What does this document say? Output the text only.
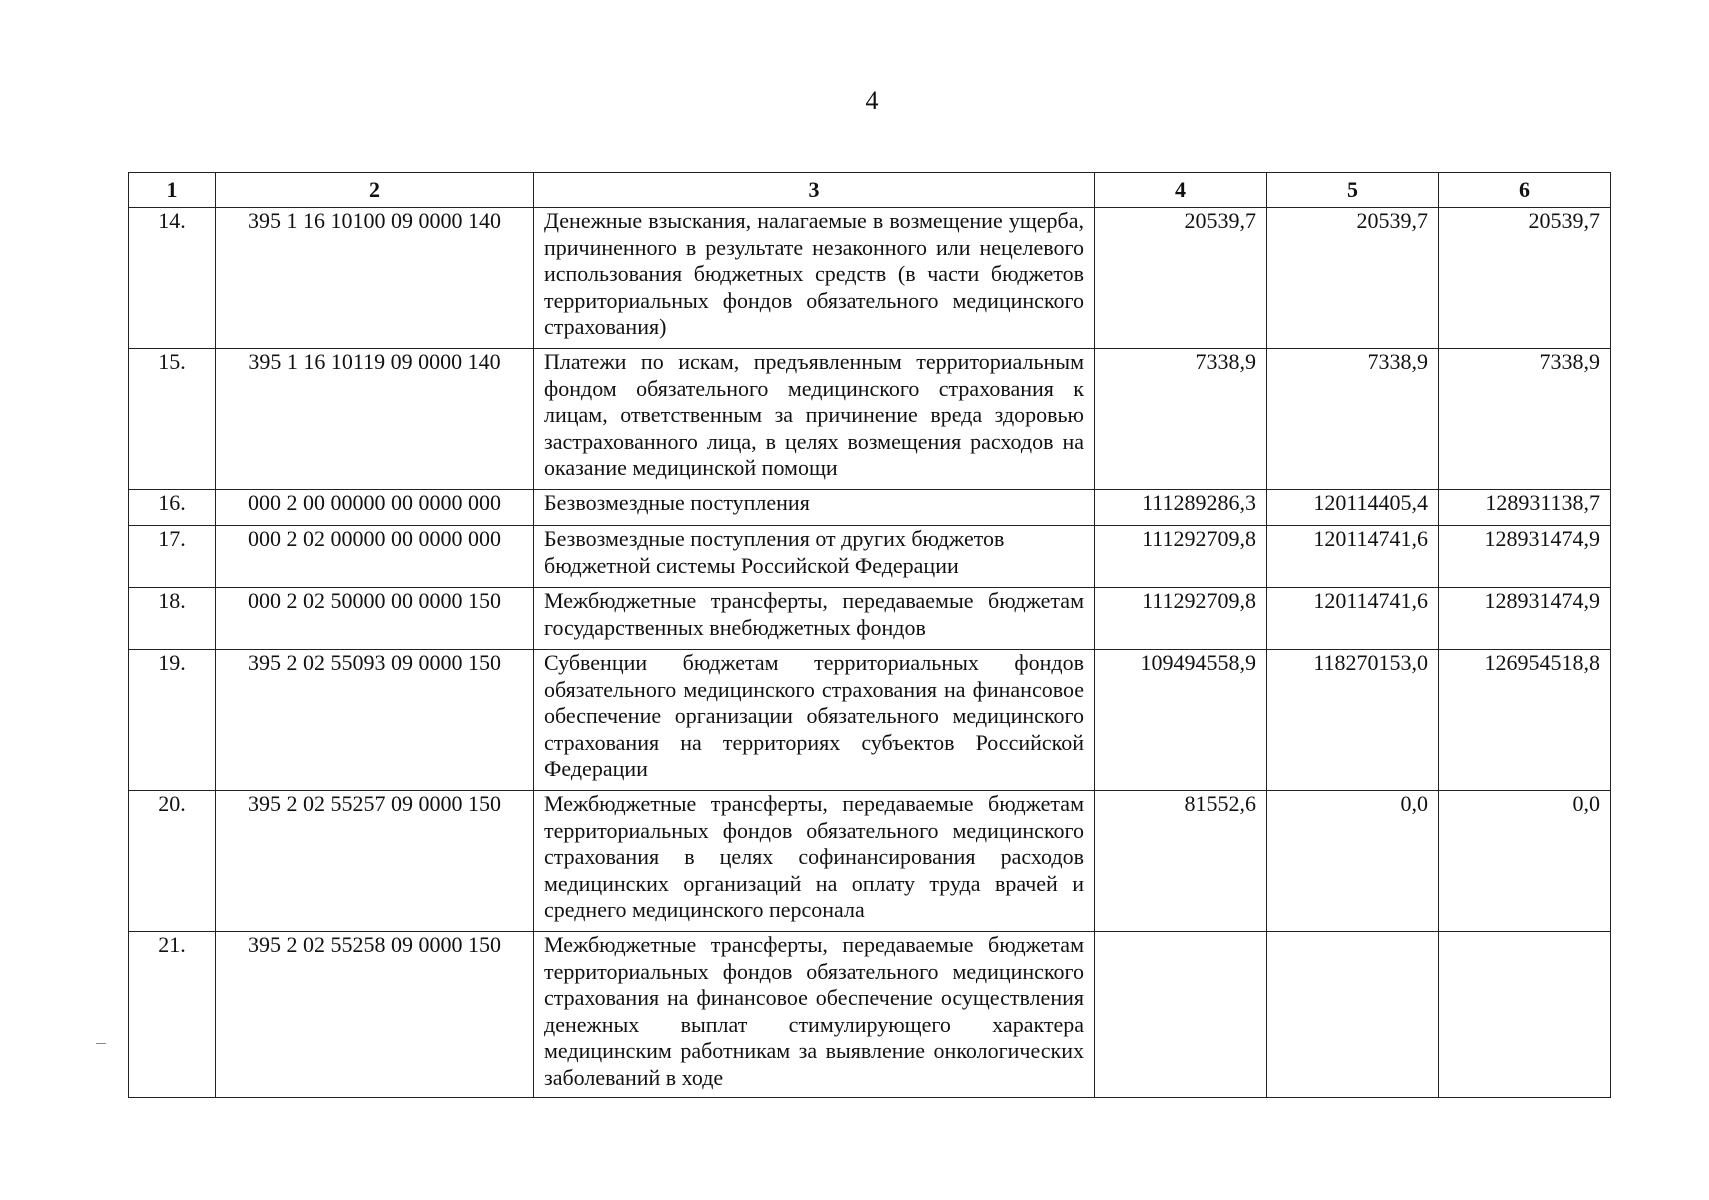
4
1	2	3	4	5	6
14.	395 1 16 10100 09 0000 140	Денежные взыскания, налагаемые в возмещение ущерба, причиненного в результате незаконного или нецелевого использования бюджетных средств (в части бюджетов территориальных фондов обязательного медицинского страхования)	20539,7	20539,7	20539,7
15.	395 1 16 10119 09 0000 140	Платежи по искам, предъявленным территориальным фондом обязательного медицинского страхования к лицам, ответственным за причинение вреда здоровью застрахованного лица, в целях возмещения расходов на оказание медицинской помощи	7338,9	7338,9	7338,9
16.	000 2 00 00000 00 0000 000	Безвозмездные поступления	111289286,3	120114405,4	128931138,7
17.	000 2 02 00000 00 0000 000	Безвозмездные поступления от других бюджетов бюджетной системы Российской Федерации	111292709,8	120114741,6	128931474,9
18.	000 2 02 50000 00 0000 150	Межбюджетные трансферты, передаваемые бюджетам государственных внебюджетных фондов	111292709,8	120114741,6	128931474,9
19.	395 2 02 55093 09 0000 150	Субвенции бюджетам территориальных фондов обязательного медицинского страхования на финансовое обеспечение организации обязательного медицинского страхования на территориях субъектов Российской Федерации	109494558,9	118270153,0	126954518,8
20.	395 2 02 55257 09 0000 150	Межбюджетные трансферты, передаваемые бюджетам территориальных фондов обязательного медицинского страхования в целях софинансирования расходов медицинских организаций на оплату труда врачей и среднего медицинского персонала	81552,6	0,0	0,0
21.	395 2 02 55258 09 0000 150	Межбюджетные трансферты, передаваемые бюджетам территориальных фондов обязательного медицинского страхования на финансовое обеспечение осуществления денежных выплат стимулирующего характера медицинским работникам за выявление онкологических заболеваний в ходе			
